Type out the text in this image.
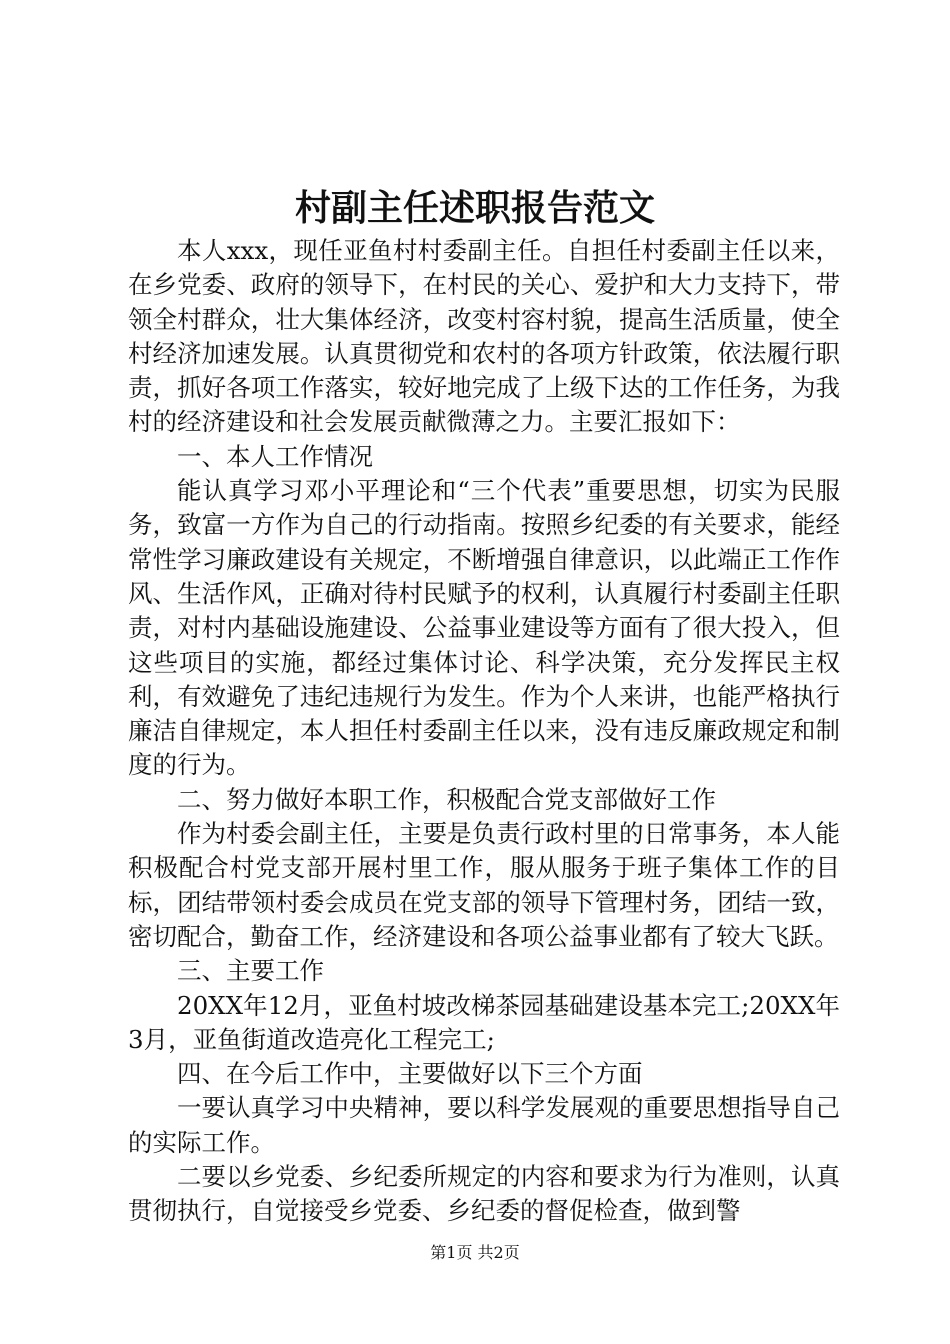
村副主任述职报告范文

本人xxx，现任亚鱼村村委副主任。自担任村委副主任以来，在乡党委、政府的领导下，在村民的关心、爱护和大力支持下，带领全村群众，壮大集体经济，改变村容村貌，提高生活质量，使全村经济加速发展。认真贯彻党和农村的各项方针政策，依法履行职责，抓好各项工作落实，较好地完成了上级下达的工作任务，为我村的经济建设和社会发展贡献微薄之力。主要汇报如下：

一、本人工作情况

能认真学习邓小平理论和“三个代表”重要思想，切实为民服务，致富一方作为自己的行动指南。按照乡纪委的有关要求，能经常性学习廉政建设有关规定，不断增强自律意识，以此端正工作作风、生活作风，正确对待村民赋予的权利，认真履行村委副主任职责，对村内基础设施建设、公益事业建设等方面有了很大投入，但这些项目的实施，都经过集体讨论、科学决策，充分发挥民主权利，有效避免了违纪违规行为发生。作为个人来讲，也能严格执行廉洁自律规定，本人担任村委副主任以来，没有违反廉政规定和制度的行为。

二、努力做好本职工作，积极配合党支部做好工作

作为村委会副主任，主要是负责行政村里的日常事务，本人能积极配合村党支部开展村里工作，服从服务于班子集体工作的目标，团结带领村委会成员在党支部的领导下管理村务，团结一致，密切配合，勤奋工作，经济建设和各项公益事业都有了较大飞跃。

三、主要工作

20XX年12月，亚鱼村坡改梯茶园基础建设基本完工;20XX年3月，亚鱼街道改造亮化工程完工;

四、在今后工作中，主要做好以下三个方面

一要认真学习中央精神，要以科学发展观的重要思想指导自己的实际工作。

二要以乡党委、乡纪委所规定的内容和要求为行为准则，认真贯彻执行，自觉接受乡党委、乡纪委的督促检查，做到警

第1页 共2页
